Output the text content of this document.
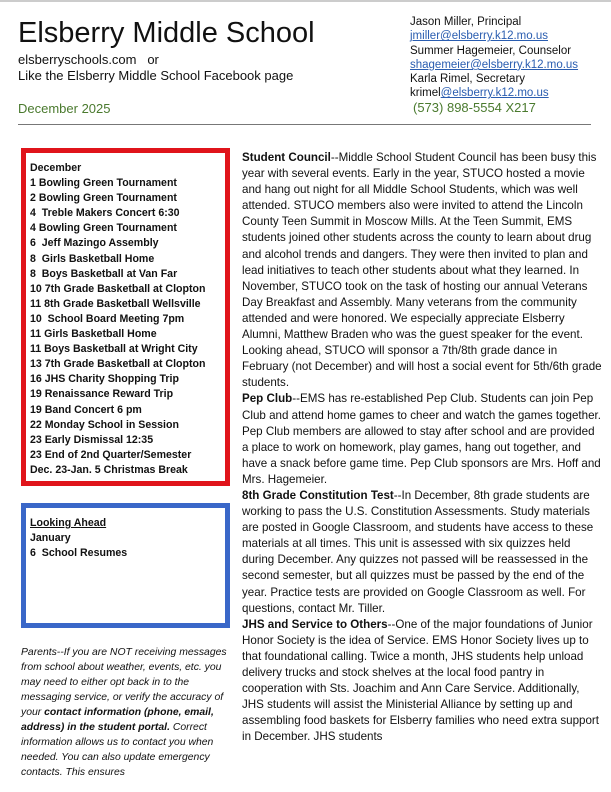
Elsberry Middle School
elsberryschools.com   or
Like the Elsberry Middle School Facebook page
December 2025
Jason Miller, Principal
jmiller@elsberry.k12.mo.us
Summer Hagemeier, Counselor
shagemeier@elsberry.k12.mo.us
Karla Rimel, Secretary
krimel@elsberry.k12.mo.us
(573) 898-5554 X217
December
1 Bowling Green Tournament
2 Bowling Green Tournament
4  Treble Makers Concert 6:30
4 Bowling Green Tournament
6  Jeff Mazingo Assembly
8  Girls Basketball Home
8  Boys Basketball at Van Far
10 7th Grade Basketball at Clopton
11 8th Grade Basketball Wellsville
10  School Board Meeting 7pm
11 Girls Basketball Home
11 Boys Basketball at Wright City
13 7th Grade Basketball at Clopton
16 JHS Charity Shopping Trip
19 Renaissance Reward Trip
19 Band Concert 6 pm
22 Monday School in Session
23 Early Dismissal 12:35
23 End of 2nd Quarter/Semester
Dec. 23-Jan. 5 Christmas Break
Looking Ahead
January
6  School Resumes
Parents--If you are NOT receiving messages from school about weather, events, etc. you may need to either opt back in to the messaging service, or verify the accuracy of your contact information (phone, email, address) in the student portal. Correct information allows us to contact you when needed. You can also update emergency contacts. This ensures

Student Council--Middle School Student Council has been busy this year with several events. Early in the year, STUCO hosted a movie and hang out night for all Middle School Students, which was well attended. STUCO members also were invited to attend the Lincoln County Teen Summit in Moscow Mills. At the Teen Summit, EMS students joined other students across the county to learn about drug and alcohol trends and dangers. They were then invited to plan and lead initiatives to teach other students about what they learned. In November, STUCO took on the task of hosting our annual Veterans Day Breakfast and Assembly. Many veterans from the community attended and were honored. We especially appreciate Elsberry Alumni, Matthew Braden who was the guest speaker for the event. Looking ahead, STUCO will sponsor a 7th/8th grade dance in February (not December) and will host a social event for 5th/6th grade students.

Pep Club--EMS has re-established Pep Club. Students can join Pep Club and attend home games to cheer and watch the games together. Pep Club members are allowed to stay after school and are provided a place to work on homework, play games, hang out together, and have a snack before game time. Pep Club sponsors are Mrs. Hoff and Mrs. Hagemeier.

8th Grade Constitution Test--In December, 8th grade students are working to pass the U.S. Constitution Assessments. Study materials are posted in Google Classroom, and students have access to these materials at all times. This unit is assessed with six quizzes held during December. Any quizzes not passed will be reassessed in the second semester, but all quizzes must be passed by the end of the year. Practice tests are provided on Google Classroom as well. For questions, contact Mr. Tiller.

JHS and Service to Others--One of the major foundations of Junior Honor Society is the idea of Service. EMS Honor Society lives up to that foundational calling. Twice a month, JHS students help unload delivery trucks and stock shelves at the local food pantry in cooperation with Sts. Joachim and Ann Care Service. Additionally, JHS students will assist the Ministerial Alliance by setting up and assembling food baskets for Elsberry families who need extra support in December. JHS students
